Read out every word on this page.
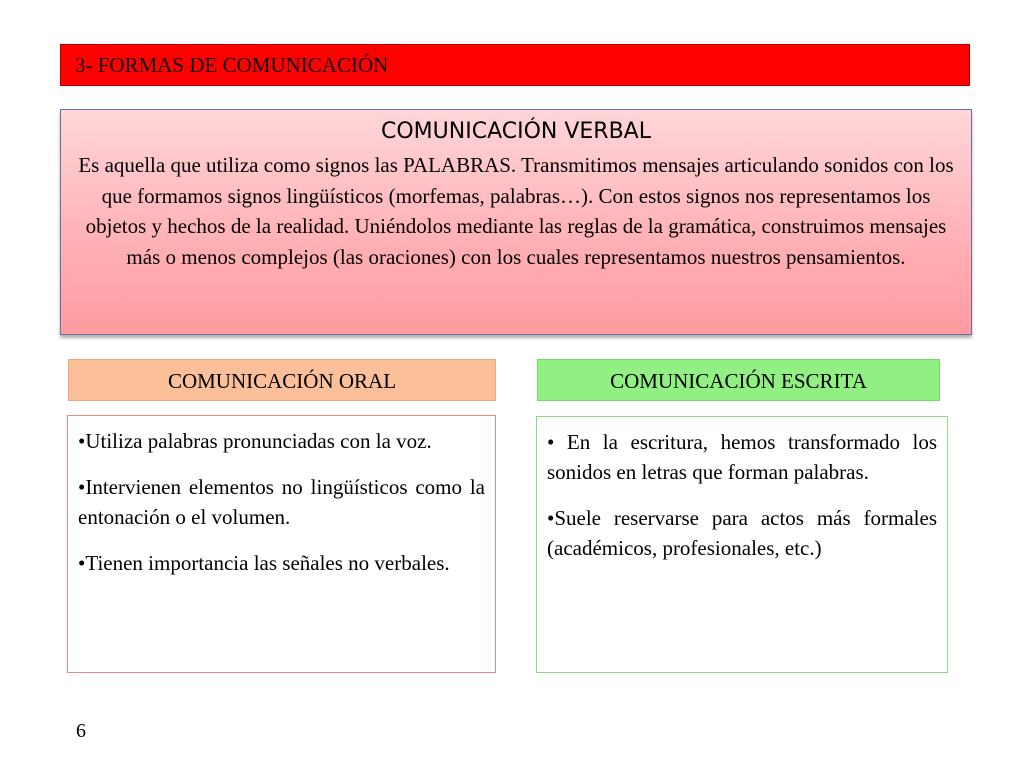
3- FORMAS DE COMUNICACIÓN
COMUNICACIÓN VERBAL
Es aquella que utiliza como signos las PALABRAS. Transmitimos mensajes articulando sonidos con los que formamos signos lingüísticos (morfemas, palabras…). Con estos signos nos representamos los objetos y hechos de la realidad. Uniéndolos mediante las reglas de la gramática, construimos mensajes más o menos complejos (las oraciones) con los cuales representamos nuestros pensamientos.
COMUNICACIÓN ORAL	COMUNICACIÓN ESCRITA

•Utiliza palabras pronunciadas con la voz.

•Intervienen elementos no lingüísticos como la entonación o el volumen.

•Tienen importancia las señales no verbales.

• En la escritura, hemos transformado los sonidos en letras que forman palabras.

•Suele reservarse para actos más formales (académicos, profesionales, etc.)

6
